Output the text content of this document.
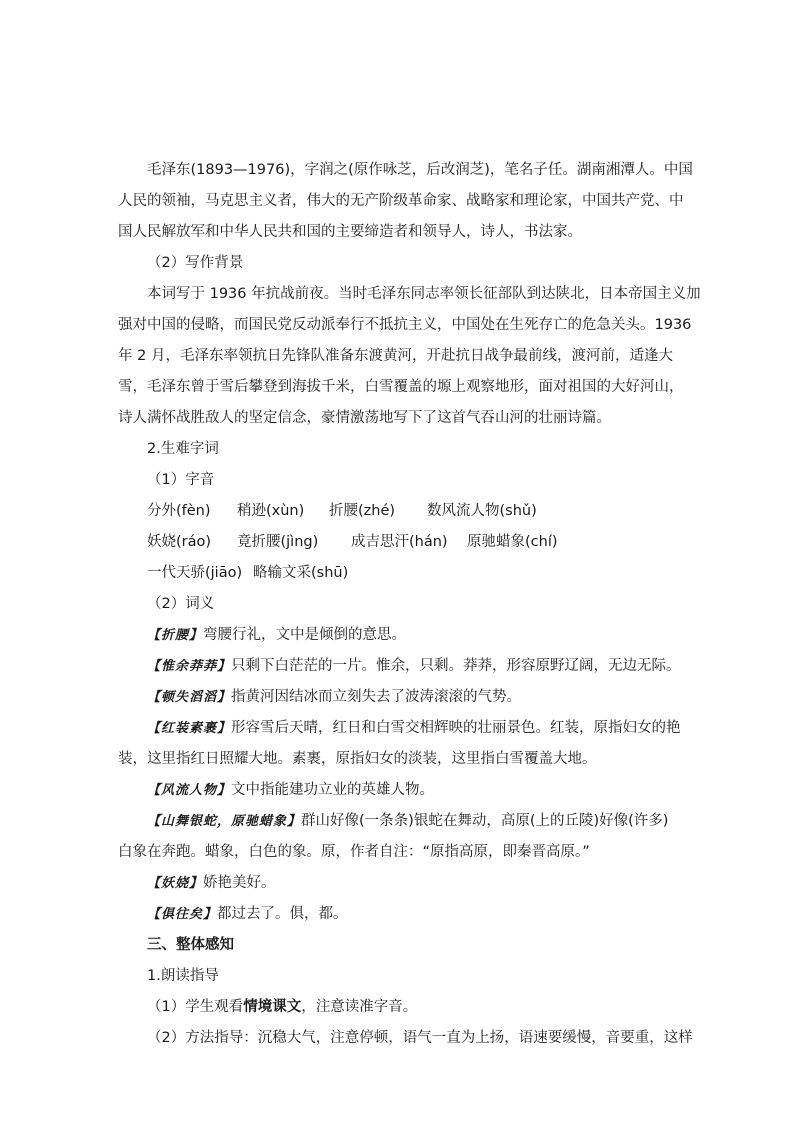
毛泽东(1893—1976)，字润之(原作咏芝，后改润芝)，笔名子任。湖南湘潭人。中国
人民的领袖，马克思主义者，伟大的无产阶级革命家、战略家和理论家，中国共产党、中
国人民解放军和中华人民共和国的主要缔造者和领导人，诗人，书法家。
（2）写作背景
本词写于 1936 年抗战前夜。当时毛泽东同志率领长征部队到达陕北，日本帝国主义加
强对中国的侵略，而国民党反动派奉行不抵抗主义，中国处在生死存亡的危急关头。1936
年 2 月，毛泽东率领抗日先锋队准备东渡黄河，开赴抗日战争最前线，渡河前，适逢大
雪，毛泽东曾于雪后攀登到海拔千米，白雪覆盖的塬上观察地形，面对祖国的大好河山，
诗人满怀战胜敌人的坚定信念，豪情激荡地写下了这首气吞山河的壮丽诗篇。
2.生难字词
（1）字音
分外(fèn) 稍逊(xùn) 折腰(zhé) 数风流人物(shǔ)
妖娆(ráo) 竟折腰(jìng) 成吉思汗(hán) 原驰蜡象(chí)
一代天骄(jiāo) 略输文采(shū)
（2）词义
【折腰】弯腰行礼，文中是倾倒的意思。
【惟余莽莽】只剩下白茫茫的一片。惟余，只剩。莽莽，形容原野辽阔，无边无际。
【顿失滔滔】指黄河因结冰而立刻失去了波涛滚滚的气势。
【红装素裹】形容雪后天晴，红日和白雪交相辉映的壮丽景色。红装，原指妇女的艳
装，这里指红日照耀大地。素裹，原指妇女的淡装，这里指白雪覆盖大地。
【风流人物】文中指能建功立业的英雄人物。
【山舞银蛇，原驰蜡象】群山好像(一条条)银蛇在舞动，高原(上的丘陵)好像(许多)
白象在奔跑。蜡象，白色的象。原，作者自注：“原指高原，即秦晋高原。”
【妖娆】娇艳美好。
【俱往矣】都过去了。俱，都。
三、整体感知
1.朗读指导
（1）学生观看情境课文，注意读准字音。
（2）方法指导：沉稳大气，注意停顿，语气一直为上扬，语速要缓慢，音要重，这样
